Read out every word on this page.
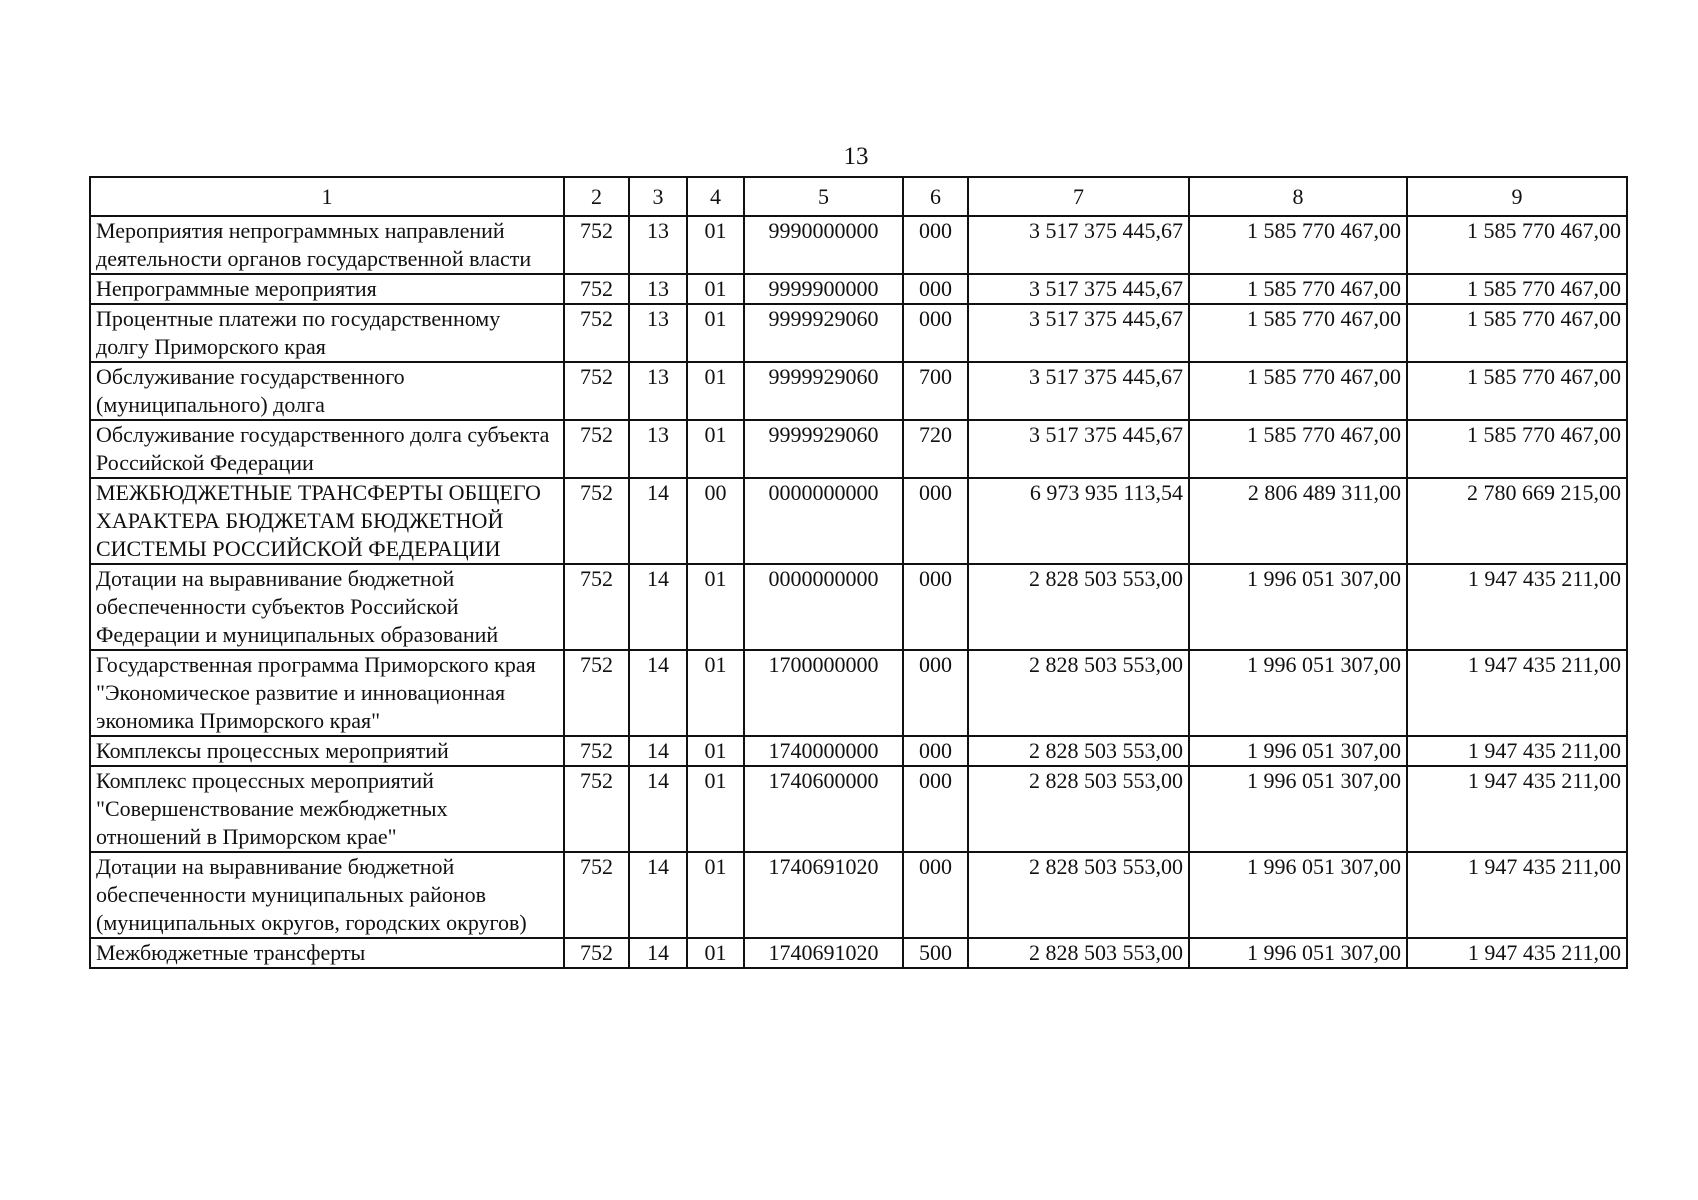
13
1	2	3	4	5	6	7	8	9
Мероприятия непрограммных направлений деятельности органов государственной власти	752	13	01	9990000000	000	3 517 375 445,67	1 585 770 467,00	1 585 770 467,00
Непрограммные мероприятия	752	13	01	9999900000	000	3 517 375 445,67	1 585 770 467,00	1 585 770 467,00
Процентные платежи по государственному долгу Приморского края	752	13	01	9999929060	000	3 517 375 445,67	1 585 770 467,00	1 585 770 467,00
Обслуживание государственного (муниципального) долга	752	13	01	9999929060	700	3 517 375 445,67	1 585 770 467,00	1 585 770 467,00
Обслуживание государственного долга субъекта Российской Федерации	752	13	01	9999929060	720	3 517 375 445,67	1 585 770 467,00	1 585 770 467,00
МЕЖБЮДЖЕТНЫЕ ТРАНСФЕРТЫ ОБЩЕГО ХАРАКТЕРА БЮДЖЕТАМ БЮДЖЕТНОЙ СИСТЕМЫ РОССИЙСКОЙ ФЕДЕРАЦИИ	752	14	00	0000000000	000	6 973 935 113,54	2 806 489 311,00	2 780 669 215,00
Дотации на выравнивание бюджетной обеспеченности субъектов Российской Федерации и муниципальных образований	752	14	01	0000000000	000	2 828 503 553,00	1 996 051 307,00	1 947 435 211,00
Государственная программа Приморского края "Экономическое развитие и инновационная экономика Приморского края"	752	14	01	1700000000	000	2 828 503 553,00	1 996 051 307,00	1 947 435 211,00
Комплексы процессных мероприятий	752	14	01	1740000000	000	2 828 503 553,00	1 996 051 307,00	1 947 435 211,00
Комплекс процессных мероприятий "Совершенствование межбюджетных отношений в Приморском крае"	752	14	01	1740600000	000	2 828 503 553,00	1 996 051 307,00	1 947 435 211,00
Дотации на выравнивание бюджетной обеспеченности муниципальных районов (муниципальных округов, городских округов)	752	14	01	1740691020	000	2 828 503 553,00	1 996 051 307,00	1 947 435 211,00
Межбюджетные трансферты	752	14	01	1740691020	500	2 828 503 553,00	1 996 051 307,00	1 947 435 211,00
